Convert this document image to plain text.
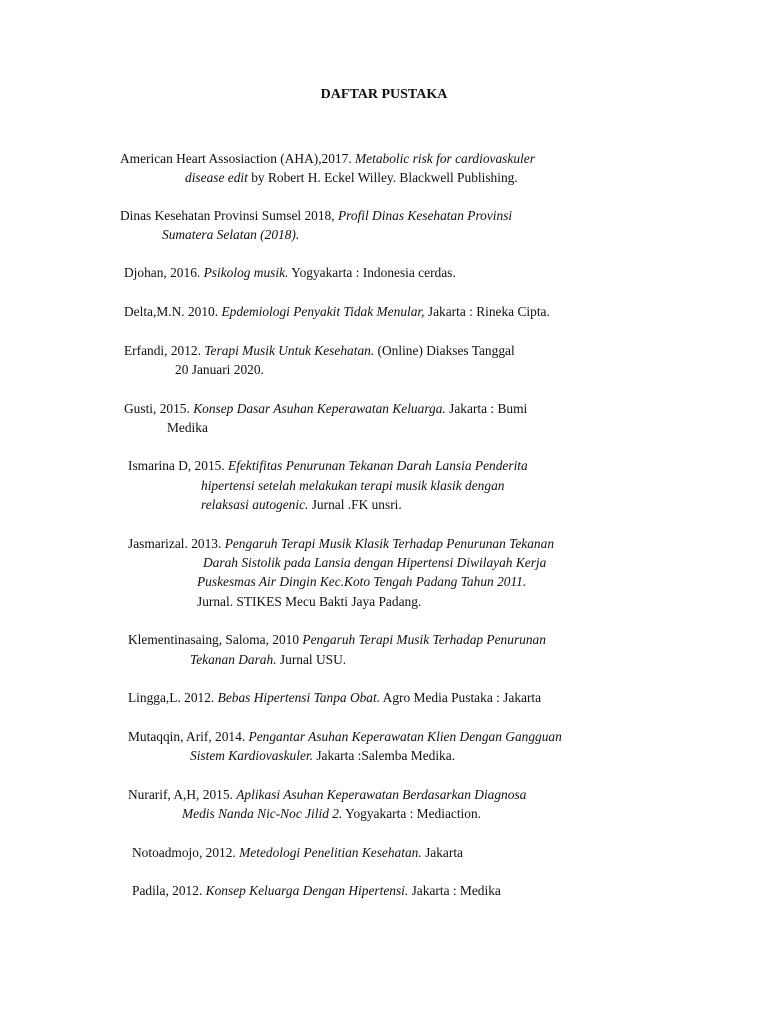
DAFTAR PUSTAKA
American Heart Assosiaction (AHA),2017. Metabolic risk for cardiovaskuler
disease edit by Robert H. Eckel Willey. Blackwell Publishing.
Dinas Kesehatan Provinsi Sumsel 2018, Profil Dinas Kesehatan Provinsi
Sumatera Selatan (2018).
Djohan, 2016. Psikolog musik. Yogyakarta : Indonesia cerdas.
Delta,M.N. 2010. Epdemiologi Penyakit Tidak Menular, Jakarta : Rineka Cipta.
Erfandi, 2012. Terapi Musik Untuk Kesehatan. (Online) Diakses Tanggal
20 Januari 2020.
Gusti, 2015. Konsep Dasar Asuhan Keperawatan Keluarga. Jakarta : Bumi
Medika
Ismarina D, 2015. Efektifitas Penurunan Tekanan Darah Lansia Penderita
hipertensi setelah melakukan terapi musik klasik dengan
relaksasi autogenic. Jurnal .FK unsri.
Jasmarizal. 2013. Pengaruh Terapi Musik Klasik Terhadap Penurunan Tekanan
Darah Sistolik pada Lansia dengan Hipertensi Diwilayah Kerja
Puskesmas Air Dingin Kec.Koto Tengah Padang Tahun 2011.
Jurnal. STIKES Mecu Bakti Jaya Padang.
Klementinasaing, Saloma, 2010 Pengaruh Terapi Musik Terhadap Penurunan
Tekanan Darah. Jurnal USU.
Lingga,L. 2012. Bebas Hipertensi Tanpa Obat. Agro Media Pustaka : Jakarta
Mutaqqin, Arif, 2014. Pengantar Asuhan Keperawatan Klien Dengan Gangguan
Sistem Kardiovaskuler. Jakarta :Salemba Medika.
Nurarif, A,H, 2015. Aplikasi Asuhan Keperawatan Berdasarkan Diagnosa
Medis Nanda Nic-Noc Jilid 2. Yogyakarta : Mediaction.
Notoadmojo, 2012. Metedologi Penelitian Kesehatan. Jakarta
Padila, 2012. Konsep Keluarga Dengan Hipertensi. Jakarta : Medika
